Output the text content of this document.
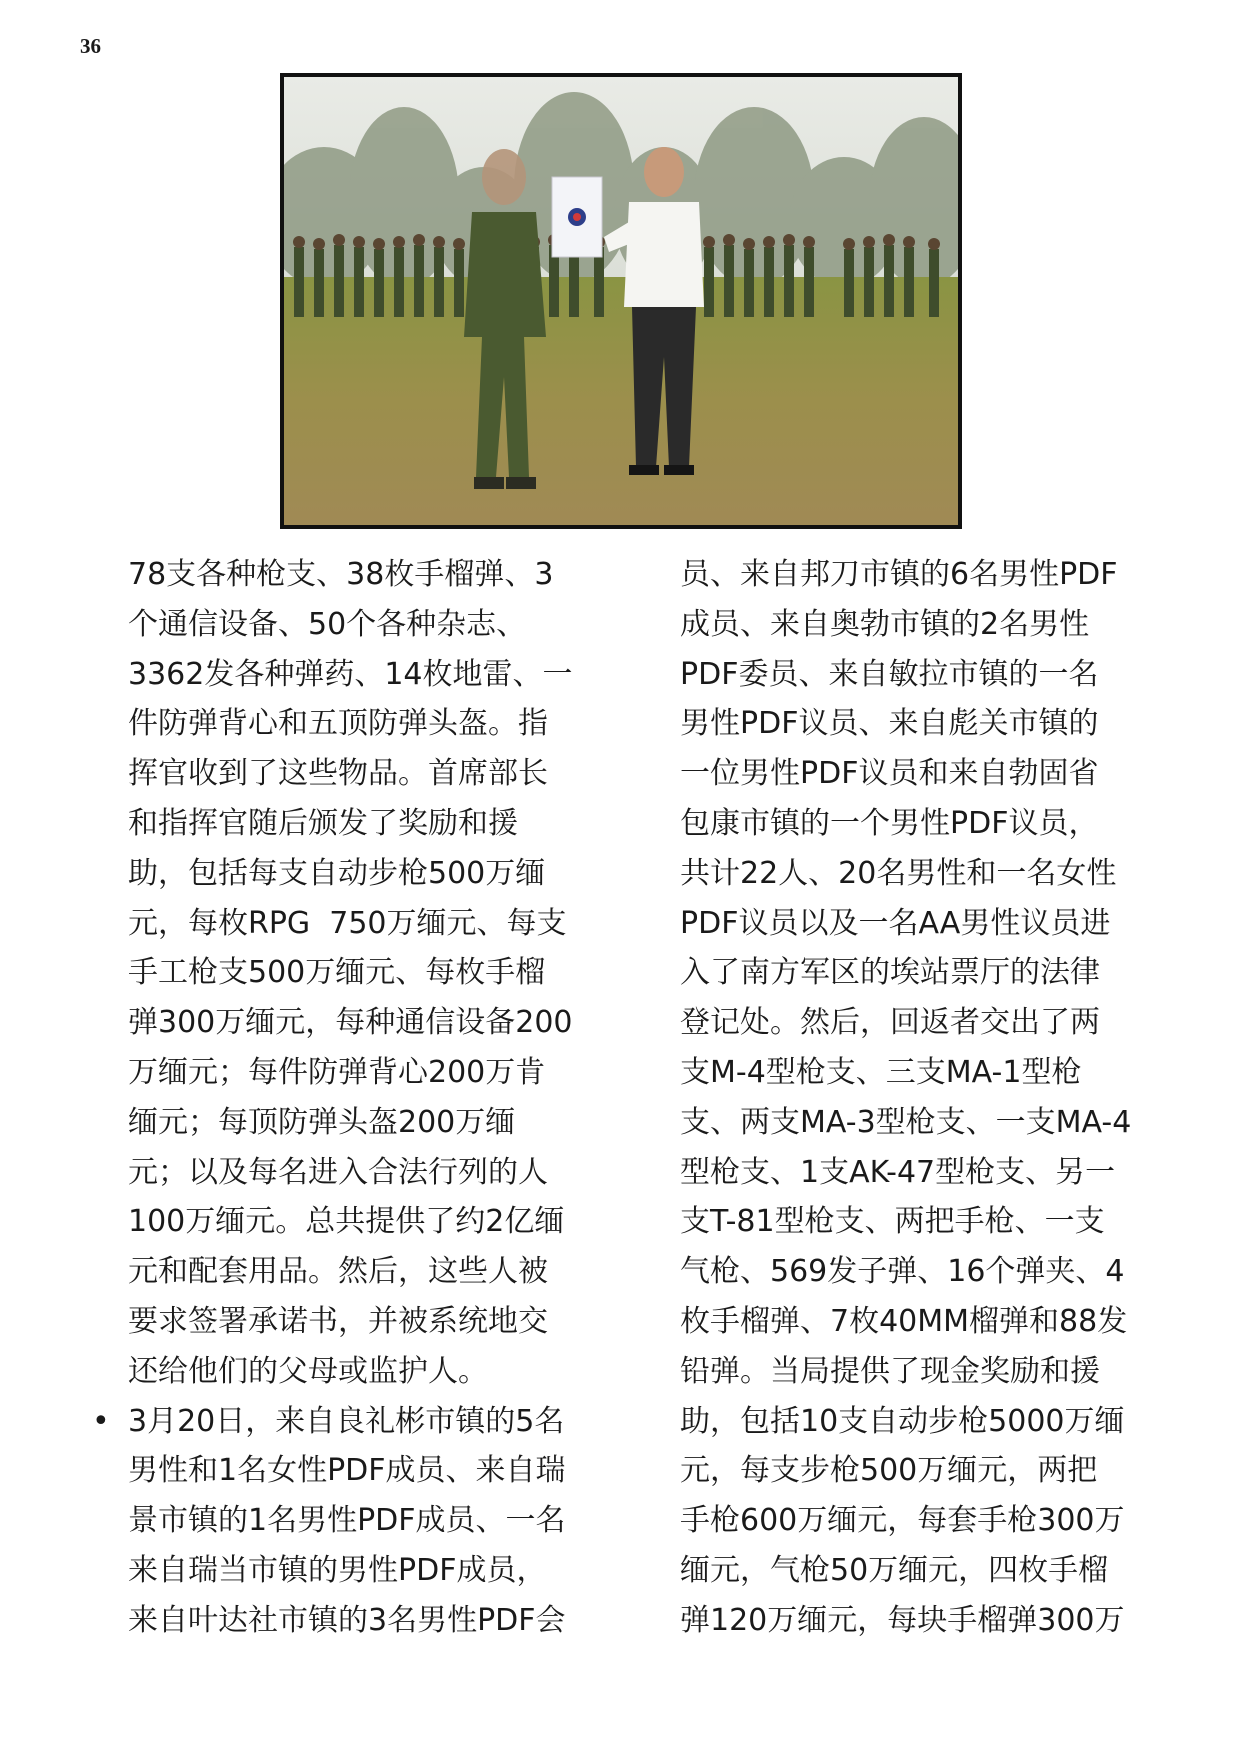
36
78支各种枪支、38枚手榴弹、3
个通信设备、50个各种杂志、
3362发各种弹药、14枚地雷、一
件防弹背心和五顶防弹头盔。指
挥官收到了这些物品。首席部长
和指挥官随后颁发了奖励和援
助，包括每支自动步枪500万缅
元，每枚RPG  750万缅元、每支
手工枪支500万缅元、每枚手榴
弹300万缅元，每种通信设备200
万缅元；每件防弹背心200万肯
缅元；每顶防弹头盔200万缅
元；以及每名进入合法行列的人
100万缅元。总共提供了约2亿缅
元和配套用品。然后，这些人被
要求签署承诺书，并被系统地交
还给他们的父母或监护人。
• 3月20日，来自良礼彬市镇的5名
男性和1名女性PDF成员、来自瑞
景市镇的1名男性PDF成员、一名
来自瑞当市镇的男性PDF成员，
来自叶达社市镇的3名男性PDF会
员、来自邦刀市镇的6名男性PDF
成员、来自奥勃市镇的2名男性
PDF委员、来自敏拉市镇的一名
男性PDF议员、来自彪关市镇的
一位男性PDF议员和来自勃固省
包康市镇的一个男性PDF议员，
共计22人、20名男性和一名女性
PDF议员以及一名AA男性议员进
入了南方军区的埃站票厅的法律
登记处。然后，回返者交出了两
支M-4型枪支、三支MA-1型枪
支、两支MA-3型枪支、一支MA-4
型枪支、1支AK-47型枪支、另一
支T-81型枪支、两把手枪、一支
气枪、569发子弹、16个弹夹、4
枚手榴弹、7枚40MM榴弹和88发
铅弹。当局提供了现金奖励和援
助，包括10支自动步枪5000万缅
元，每支步枪500万缅元，两把
手枪600万缅元，每套手枪300万
缅元，气枪50万缅元，四枚手榴
弹120万缅元，每块手榴弹300万
